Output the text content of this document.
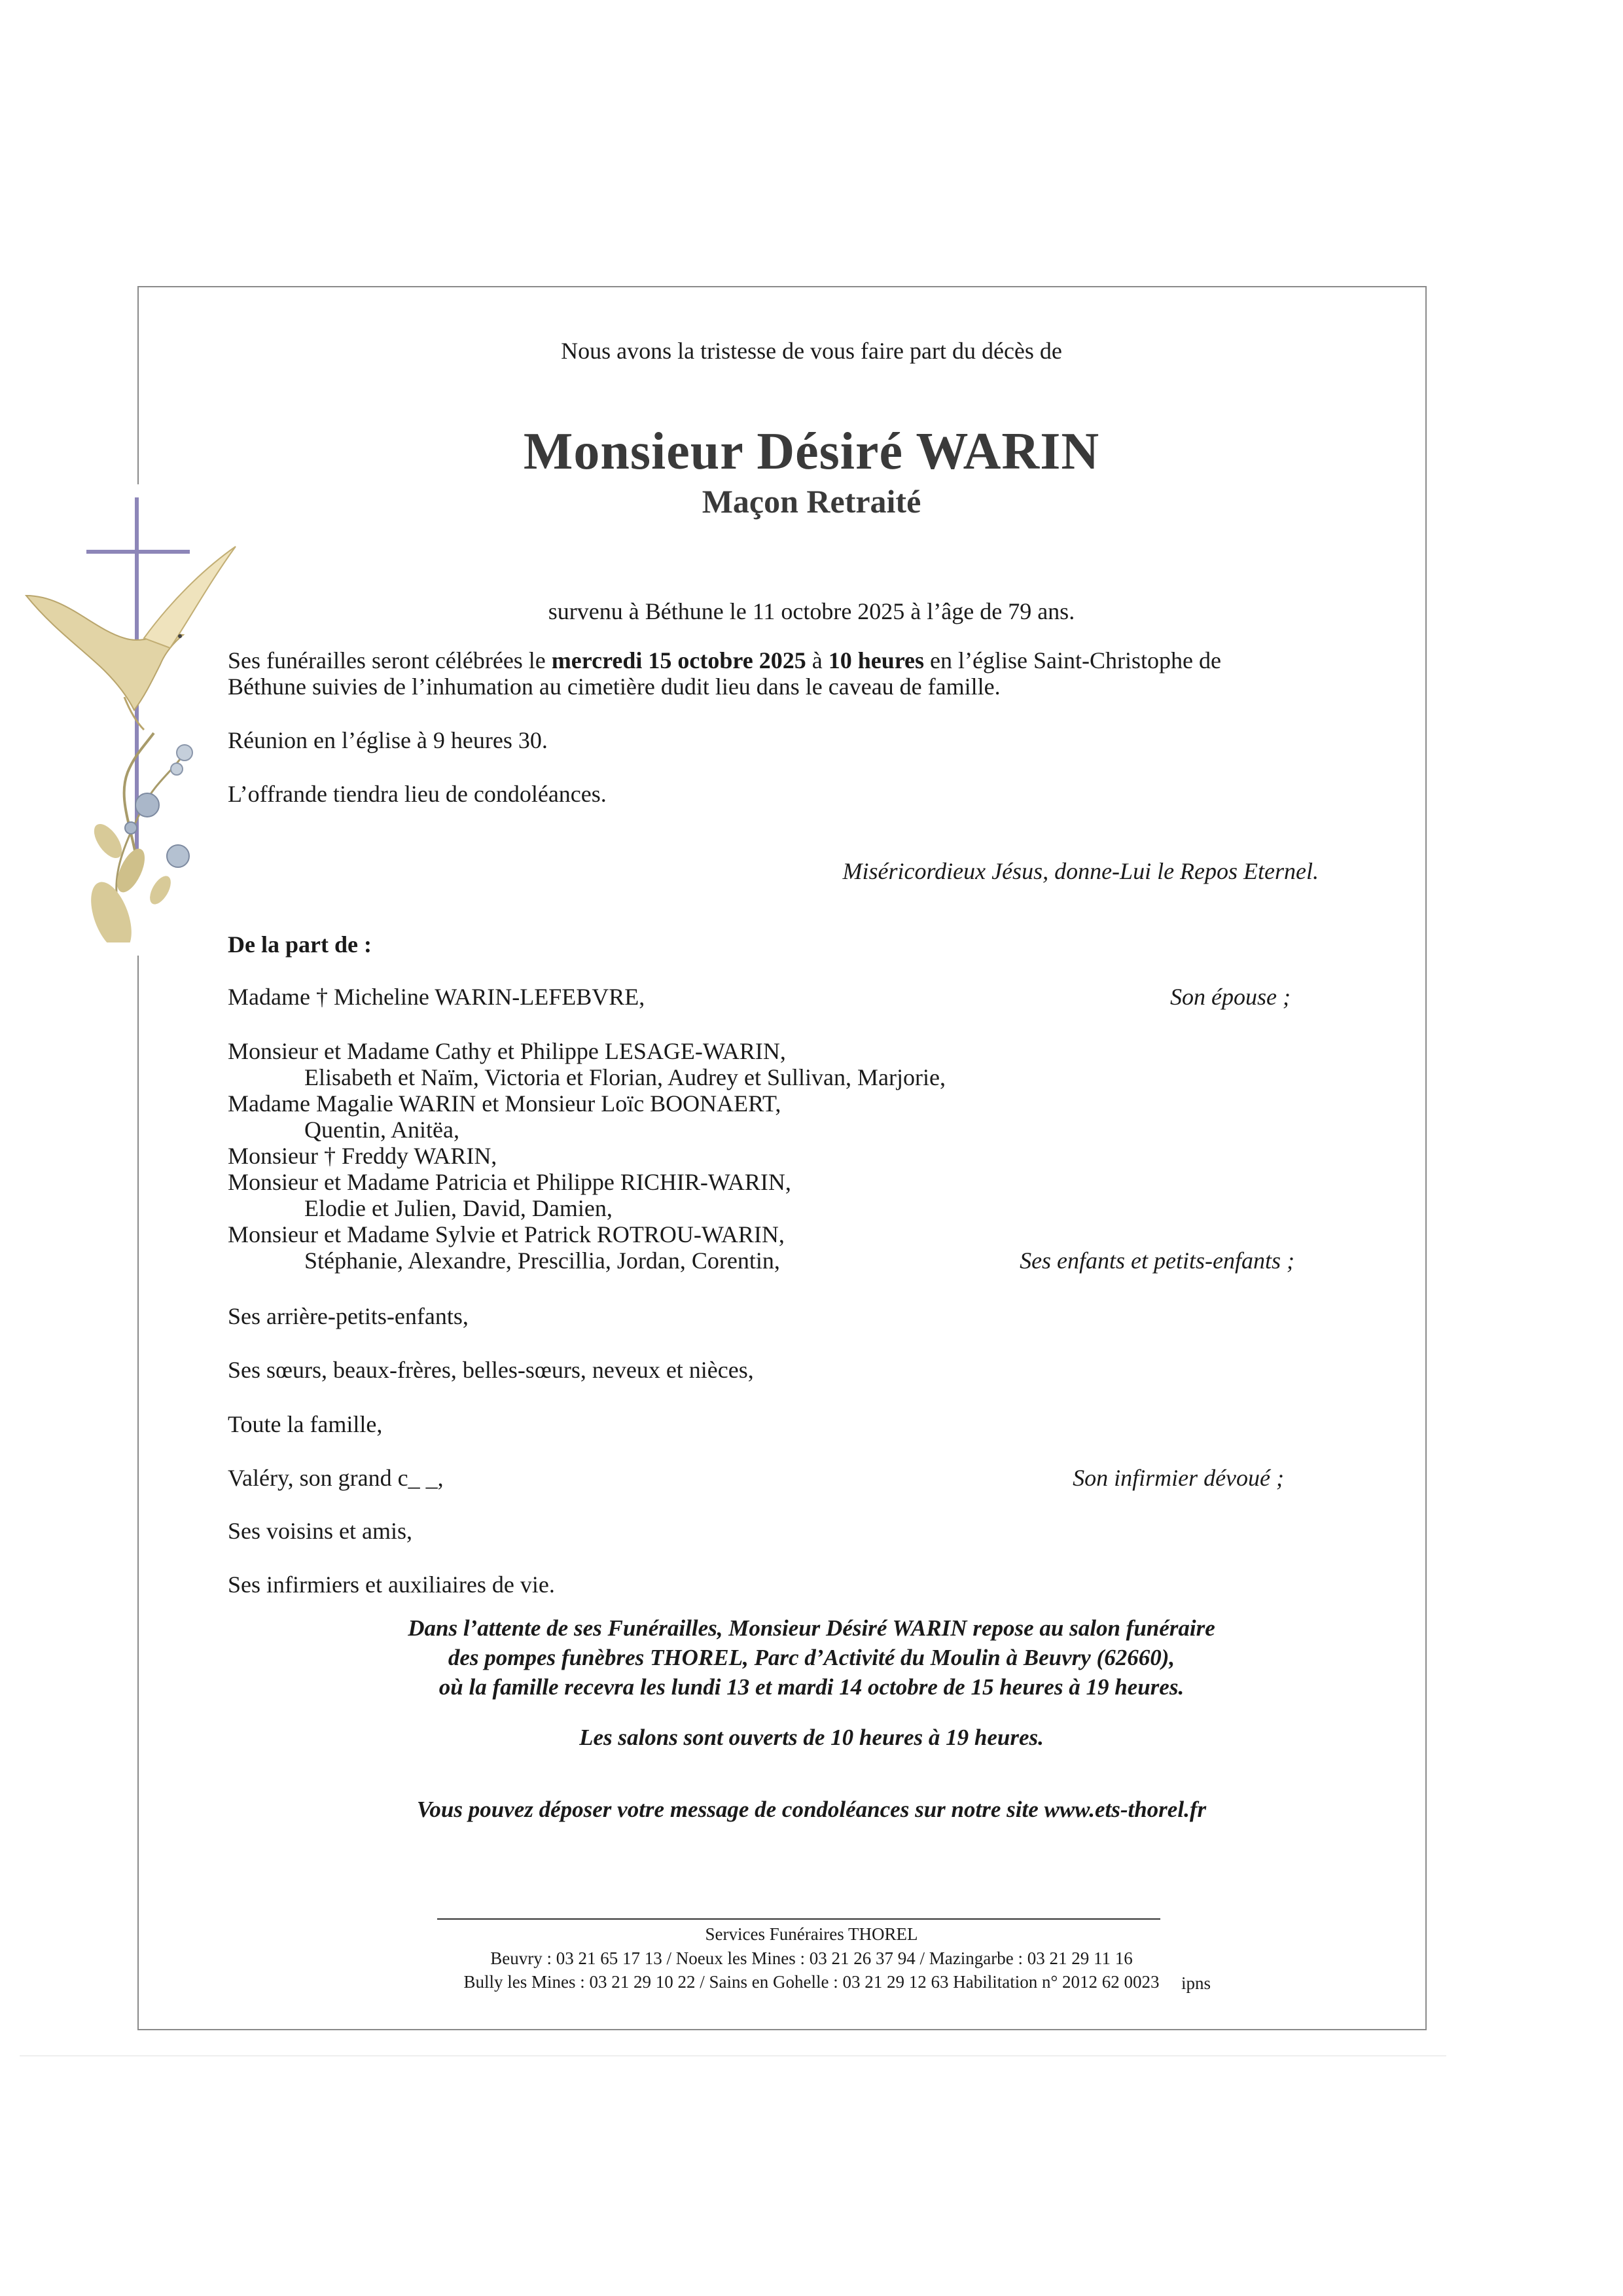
Nous avons la tristesse de vous faire part du décès de
Monsieur Désiré WARIN
Maçon Retraité
survenu à Béthune le 11 octobre 2025 à l’âge de 79 ans.
Ses funérailles seront célébrées le mercredi 15 octobre 2025 à 10 heures en l’église Saint-Christophe de
Béthune suivies de l’inhumation au cimetière dudit lieu dans le caveau de famille.
Réunion en l’église à 9 heures 30.
L’offrande tiendra lieu de condoléances.
Miséricordieux Jésus, donne-Lui le Repos Eternel.
De la part de :
Madame † Micheline WARIN-LEFEBVRE,	Son épouse ;
Monsieur et Madame Cathy et Philippe LESAGE-WARIN,
Elisabeth et Naïm, Victoria et Florian, Audrey et Sullivan, Marjorie,
Madame Magalie WARIN et Monsieur Loïc BOONAERT,
Quentin, Anitëa,
Monsieur † Freddy WARIN,
Monsieur et Madame Patricia et Philippe RICHIR-WARIN,
Elodie et Julien, David, Damien,
Monsieur et Madame Sylvie et Patrick ROTROU-WARIN,
Stéphanie, Alexandre, Prescillia, Jordan, Corentin,	Ses enfants et petits-enfants ;
Ses arrière-petits-enfants,
Ses sœurs, beaux-frères, belles-sœurs, neveux et nièces,
Toute la famille,
Valéry, son grand c_ _,	Son infirmier dévoué ;
Ses voisins et amis,
Ses infirmiers et auxiliaires de vie.
Dans l’attente de ses Funérailles, Monsieur Désiré WARIN repose au salon funéraire
des pompes funèbres THOREL, Parc d’Activité du Moulin à Beuvry (62660),
où la famille recevra les lundi 13 et mardi 14 octobre de 15 heures à 19 heures.
Les salons sont ouverts de 10 heures à 19 heures.
Vous pouvez déposer votre message de condoléances sur notre site www.ets-thorel.fr
Services Funéraires THOREL
Beuvry : 03 21 65 17 13 / Noeux les Mines : 03 21 26 37 94 / Mazingarbe : 03 21 29 11 16
Bully les Mines : 03 21 29 10 22 / Sains en Gohelle : 03 21 29 12 63 Habilitation n° 2012 62 0023	ipns
